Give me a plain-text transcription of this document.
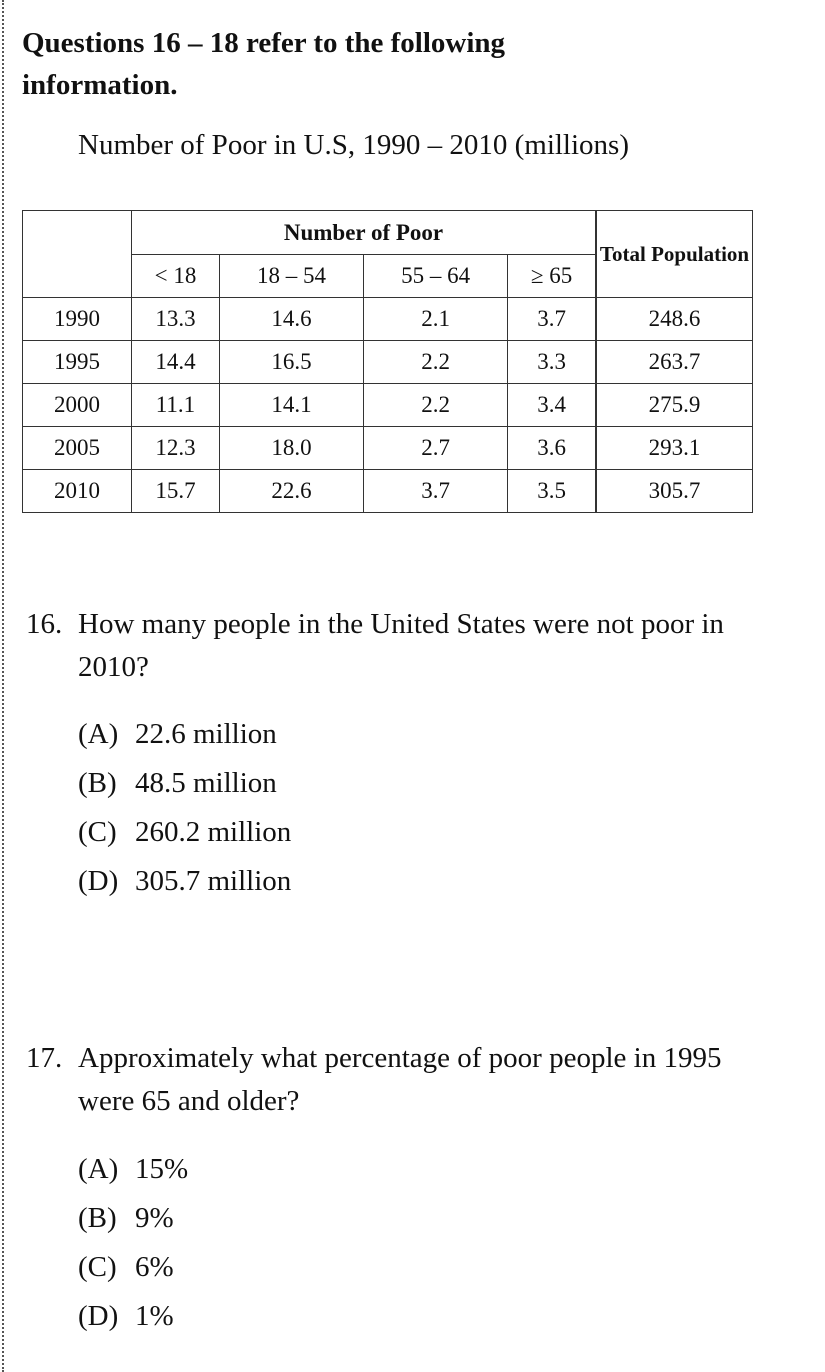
Questions 16 – 18 refer to the following information.
Number of Poor in U.S, 1990 – 2010 (millions)
	Number of Poor				Total Population
	< 18	18 – 54	55 – 64	≥ 65	
1990	13.3	14.6	2.1	3.7	248.6
1995	14.4	16.5	2.2	3.3	263.7
2000	11.1	14.1	2.2	3.4	275.9
2005	12.3	18.0	2.7	3.6	293.1
2010	15.7	22.6	3.7	3.5	305.7
16. How many people in the United States were not poor in 2010?
(A) 22.6 million
(B) 48.5 million
(C) 260.2 million
(D) 305.7 million
17. Approximately what percentage of poor people in 1995 were 65 and older?
(A) 15%
(B) 9%
(C) 6%
(D) 1%
